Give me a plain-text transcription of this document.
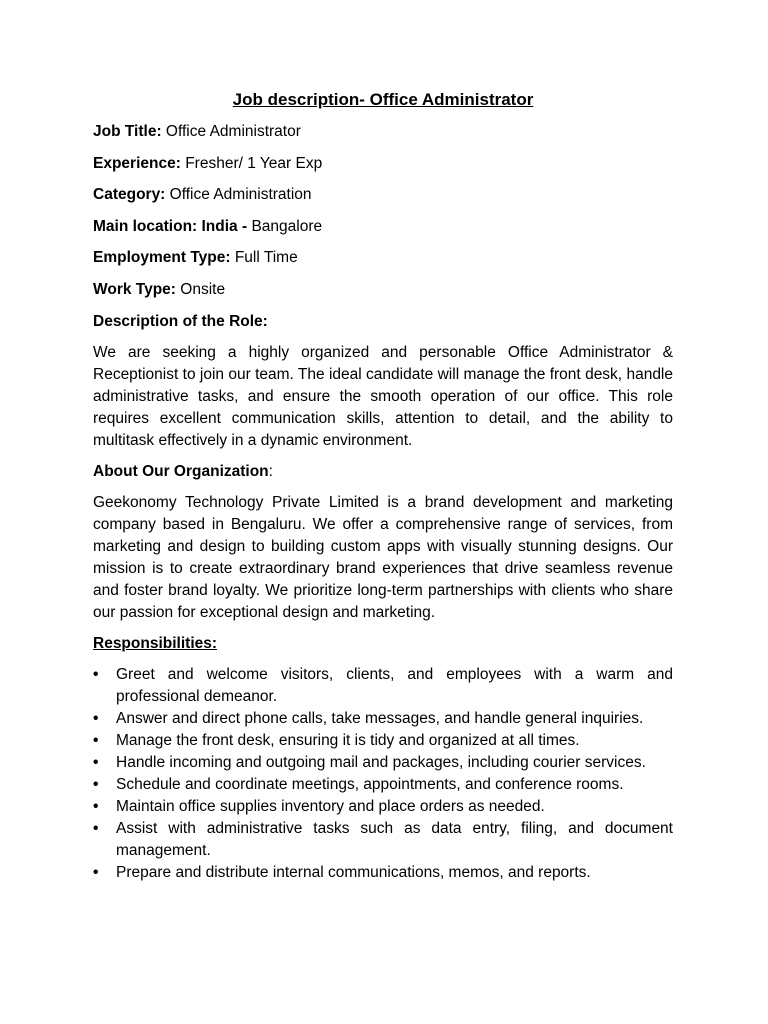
Job description- Office Administrator
Job Title: Office Administrator
Experience: Fresher/ 1 Year Exp
Category: Office Administration
Main location: India - Bangalore
Employment Type: Full Time
Work Type: Onsite
Description of the Role:
We are seeking a highly organized and personable Office Administrator & Receptionist to join our team. The ideal candidate will manage the front desk, handle administrative tasks, and ensure the smooth operation of our office. This role requires excellent communication skills, attention to detail, and the ability to multitask effectively in a dynamic environment.
About Our Organization:
Geekonomy Technology Private Limited is a brand development and marketing company based in Bengaluru. We offer a comprehensive range of services, from marketing and design to building custom apps with visually stunning designs. Our mission is to create extraordinary brand experiences that drive seamless revenue and foster brand loyalty. We prioritize long-term partnerships with clients who share our passion for exceptional design and marketing.
Responsibilities:
• Greet and welcome visitors, clients, and employees with a warm and professional demeanor.
• Answer and direct phone calls, take messages, and handle general inquiries.
• Manage the front desk, ensuring it is tidy and organized at all times.
• Handle incoming and outgoing mail and packages, including courier services.
• Schedule and coordinate meetings, appointments, and conference rooms.
• Maintain office supplies inventory and place orders as needed.
• Assist with administrative tasks such as data entry, filing, and document management.
• Prepare and distribute internal communications, memos, and reports.
